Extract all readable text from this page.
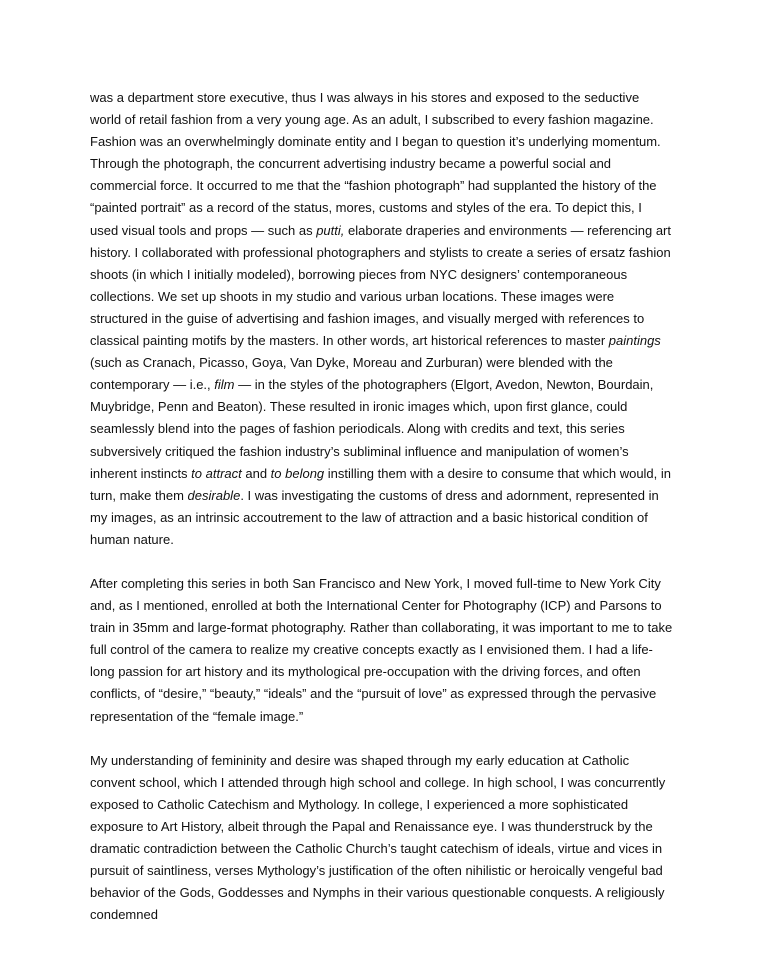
was a department store executive, thus I was always in his stores and exposed to the seductive world of retail fashion from a very young age. As an adult, I subscribed to every fashion magazine. Fashion was an overwhelmingly dominate entity and I began to question it’s underlying momentum. Through the photograph, the concurrent advertising industry became a powerful social and commercial force. It occurred to me that the “fashion photograph” had supplanted the history of the “painted portrait” as a record of the status, mores, customs and styles of the era. To depict this, I used visual tools and props — such as putti, elaborate draperies and environments — referencing art history. I collaborated with professional photographers and stylists to create a series of ersatz fashion shoots (in which I initially modeled), borrowing pieces from NYC designers’ contemporaneous collections. We set up shoots in my studio and various urban locations. These images were structured in the guise of advertising and fashion images, and visually merged with references to classical painting motifs by the masters. In other words, art historical references to master paintings (such as Cranach, Picasso, Goya, Van Dyke, Moreau and Zurburan) were blended with the contemporary — i.e., film — in the styles of the photographers (Elgort, Avedon, Newton, Bourdain, Muybridge, Penn and Beaton). These resulted in ironic images which, upon first glance, could seamlessly blend into the pages of fashion periodicals. Along with credits and text, this series subversively critiqued the fashion industry’s subliminal influence and manipulation of women’s inherent instincts to attract and to belong instilling them with a desire to consume that which would, in turn, make them desirable. I was investigating the customs of dress and adornment, represented in my images, as an intrinsic accoutrement to the law of attraction and a basic historical condition of human nature.

After completing this series in both San Francisco and New York, I moved full-time to New York City and, as I mentioned, enrolled at both the International Center for Photography (ICP) and Parsons to train in 35mm and large-format photography. Rather than collaborating, it was important to me to take full control of the camera to realize my creative concepts exactly as I envisioned them. I had a life-long passion for art history and its mythological pre-occupation with the driving forces, and often conflicts, of “desire,” “beauty,” “ideals” and the “pursuit of love” as expressed through the pervasive representation of the “female image.”

My understanding of femininity and desire was shaped through my early education at Catholic convent school, which I attended through high school and college. In high school, I was concurrently exposed to Catholic Catechism and Mythology. In college, I experienced a more sophisticated exposure to Art History, albeit through the Papal and Renaissance eye. I was thunderstruck by the dramatic contradiction between the Catholic Church’s taught catechism of ideals, virtue and vices in pursuit of saintliness, verses Mythology’s justification of the often nihilistic or heroically vengeful bad behavior of the Gods, Goddesses and Nymphs in their various questionable conquests. A religiously condemned
